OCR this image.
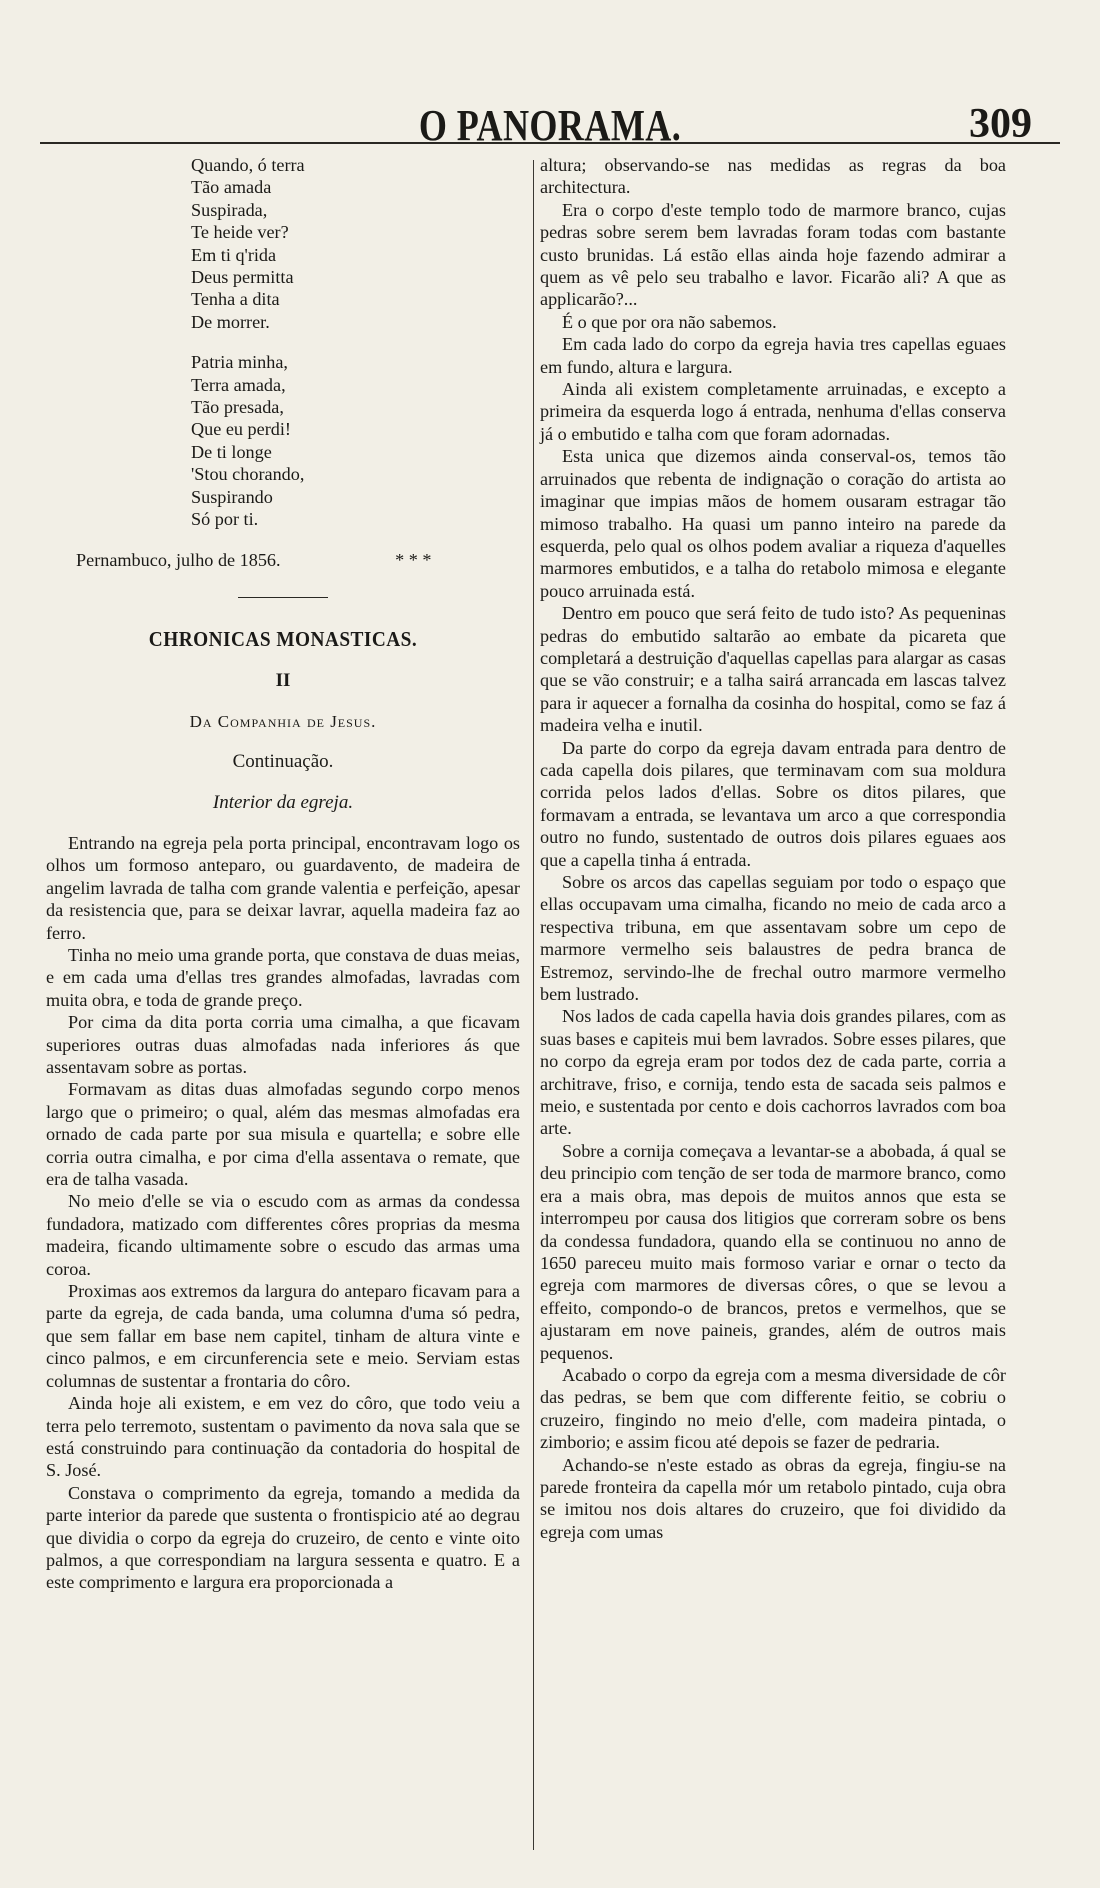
O PANORAMA.	309
Quando, ó terra
Tão amada
Suspirada,
Te heide ver?
Em ti q'rida
Deus permitta
Tenha a dita
De morrer.
Patria minha,
Terra amada,
Tão presada,
Que eu perdi!
De ti longe
'Stou chorando,
Suspirando
Só por ti.
Pernambuco, julho de 1856.	* * *
CHRONICAS MONASTICAS.
II
Da Companhia de Jesus.
Continuação.
Interior da egreja.

Entrando na egreja pela porta principal, encontravam logo os olhos um formoso anteparo, ou guardavento, de madeira de angelim lavrada de talha com grande valentia e perfeição, apesar da resistencia que, para se deixar lavrar, aquella madeira faz ao ferro.

Tinha no meio uma grande porta, que constava de duas meias, e em cada uma d'ellas tres grandes almofadas, lavradas com muita obra, e toda de grande preço.

Por cima da dita porta corria uma cimalha, a que ficavam superiores outras duas almofadas nada inferiores ás que assentavam sobre as portas.

Formavam as ditas duas almofadas segundo corpo menos largo que o primeiro; o qual, além das mesmas almofadas era ornado de cada parte por sua misula e quartella; e sobre elle corria outra cimalha, e por cima d'ella assentava o remate, que era de talha vasada.

No meio d'elle se via o escudo com as armas da condessa fundadora, matizado com differentes côres proprias da mesma madeira, ficando ultimamente sobre o escudo das armas uma coroa.

Proximas aos extremos da largura do anteparo ficavam para a parte da egreja, de cada banda, uma columna d'uma só pedra, que sem fallar em base nem capitel, tinham de altura vinte e cinco palmos, e em circunferencia sete e meio. Serviam estas columnas de sustentar a frontaria do côro.

Ainda hoje ali existem, e em vez do côro, que todo veiu a terra pelo terremoto, sustentam o pavimento da nova sala que se está construindo para continuação da contadoria do hospital de S. José.

Constava o comprimento da egreja, tomando a medida da parte interior da parede que sustenta o frontispicio até ao degrau que dividia o corpo da egreja do cruzeiro, de cento e vinte oito palmos, a que correspondiam na largura sessenta e quatro. E a este comprimento e largura era proporcionada a

altura; observando-se nas medidas as regras da boa architectura.

Era o corpo d'este templo todo de marmore branco, cujas pedras sobre serem bem lavradas foram todas com bastante custo brunidas. Lá estão ellas ainda hoje fazendo admirar a quem as vê pelo seu trabalho e lavor. Ficarão ali? A que as applicarão?...

É o que por ora não sabemos.

Em cada lado do corpo da egreja havia tres capellas eguaes em fundo, altura e largura.

Ainda ali existem completamente arruinadas, e excepto a primeira da esquerda logo á entrada, nenhuma d'ellas conserva já o embutido e talha com que foram adornadas.

Esta unica que dizemos ainda conserval-os, temos tão arruinados que rebenta de indignação o coração do artista ao imaginar que impias mãos de homem ousaram estragar tão mimoso trabalho. Ha quasi um panno inteiro na parede da esquerda, pelo qual os olhos podem avaliar a riqueza d'aquelles marmores embutidos, e a talha do retabolo mimosa e elegante pouco arruinada está.

Dentro em pouco que será feito de tudo isto? As pequeninas pedras do embutido saltarão ao embate da picareta que completará a destruição d'aquellas capellas para alargar as casas que se vão construir; e a talha sairá arrancada em lascas talvez para ir aquecer a fornalha da cosinha do hospital, como se faz á madeira velha e inutil.

Da parte do corpo da egreja davam entrada para dentro de cada capella dois pilares, que terminavam com sua moldura corrida pelos lados d'ellas. Sobre os ditos pilares, que formavam a entrada, se levantava um arco a que correspondia outro no fundo, sustentado de outros dois pilares eguaes aos que a capella tinha á entrada.

Sobre os arcos das capellas seguiam por todo o espaço que ellas occupavam uma cimalha, ficando no meio de cada arco a respectiva tribuna, em que assentavam sobre um cepo de marmore vermelho seis balaustres de pedra branca de Estremoz, servindo-lhe de frechal outro marmore vermelho bem lustrado.

Nos lados de cada capella havia dois grandes pilares, com as suas bases e capiteis mui bem lavrados. Sobre esses pilares, que no corpo da egreja eram por todos dez de cada parte, corria a architrave, friso, e cornija, tendo esta de sacada seis palmos e meio, e sustentada por cento e dois cachorros lavrados com boa arte.

Sobre a cornija começava a levantar-se a abobada, á qual se deu principio com tenção de ser toda de marmore branco, como era a mais obra, mas depois de muitos annos que esta se interrompeu por causa dos litigios que correram sobre os bens da condessa fundadora, quando ella se continuou no anno de 1650 pareceu muito mais formoso variar e ornar o tecto da egreja com marmores de diversas côres, o que se levou a effeito, compondo-o de brancos, pretos e vermelhos, que se ajustaram em nove paineis, grandes, além de outros mais pequenos.

Acabado o corpo da egreja com a mesma diversidade de côr das pedras, se bem que com differente feitio, se cobriu o cruzeiro, fingindo no meio d'elle, com madeira pintada, o zimborio; e assim ficou até depois se fazer de pedraria.

Achando-se n'este estado as obras da egreja, fingiu-se na parede fronteira da capella mór um retabolo pintado, cuja obra se imitou nos dois altares do cruzeiro, que foi dividido da egreja com umas
